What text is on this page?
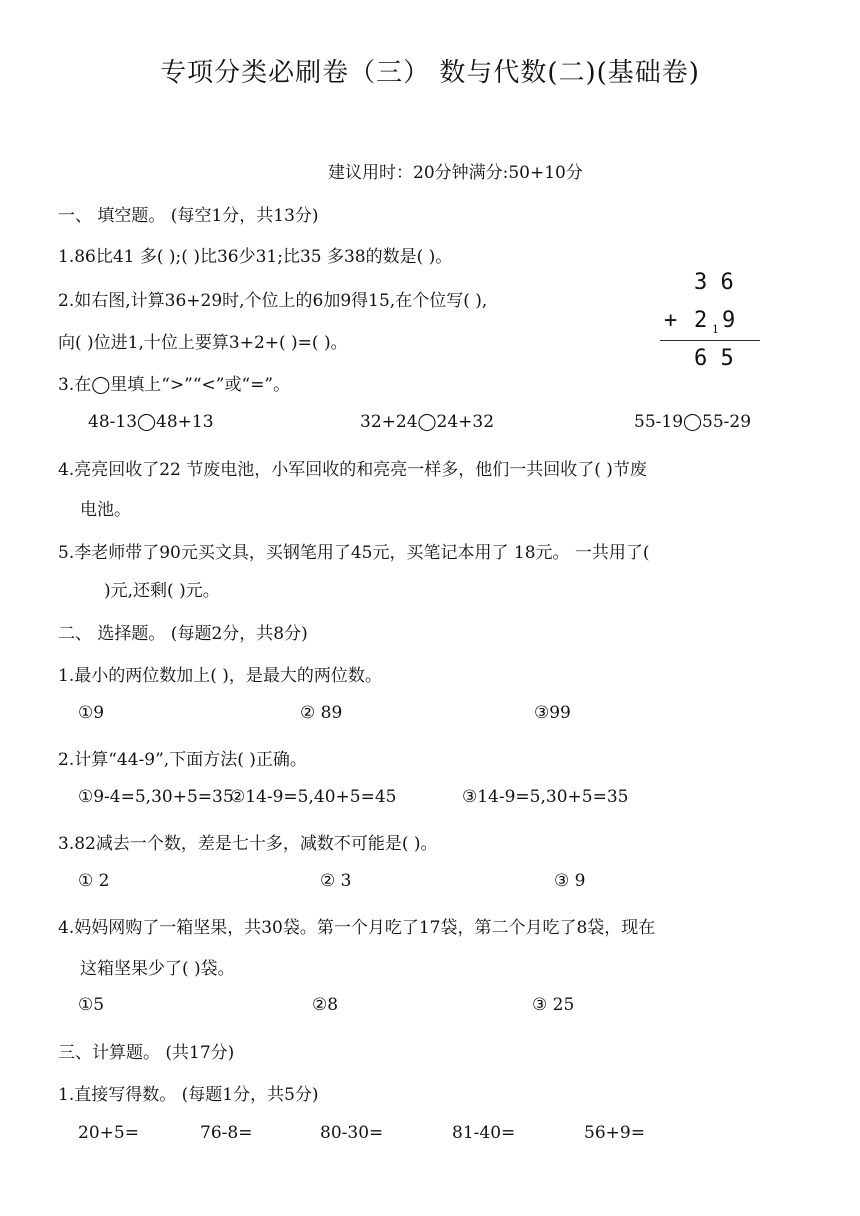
专项分类必刷卷（三） 数与代数(二)(基础卷)
建议用时：20分钟满分:50+10分
一、 填空题。 (每空1分，共13分)
1.86比41 多( );( )比36少31;比35 多38的数是( )。
2.如右图,计算36+29时,个位上的6加9得15,在个位写( ),
向( )位进1,十位上要算3+2+( )=( )。
3 6
+ 2 1 9
6 5
3.在◯里填上“>”“<”或“=”。
48-13◯48+13	32+24◯24+32	55-19◯55-29
4.亮亮回收了22 节废电池，小军回收的和亮亮一样多，他们一共回收了( )节废
电池。
5.李老师带了90元买文具，买钢笔用了45元，买笔记本用了 18元。 一共用了(
)元,还剩( )元。
二、 选择题。 (每题2分，共8分)
1.最小的两位数加上( )，是最大的两位数。
①9	② 89	③99
2.计算“44-9”,下面方法( )正确。
①9-4=5,30+5=35
②14-9=5,40+5=45	③14-9=5,30+5=35
3.82减去一个数，差是七十多，减数不可能是( )。
① 2	② 3	③ 9
4.妈妈网购了一箱坚果，共30袋。第一个月吃了17袋，第二个月吃了8袋，现在
这箱坚果少了( )袋。
①5	②8	③ 25
三、计算题。 (共17分)
1.直接写得数。 (每题1分，共5分)
20+5=	76-8=	80-30=	81-40=	56+9=
